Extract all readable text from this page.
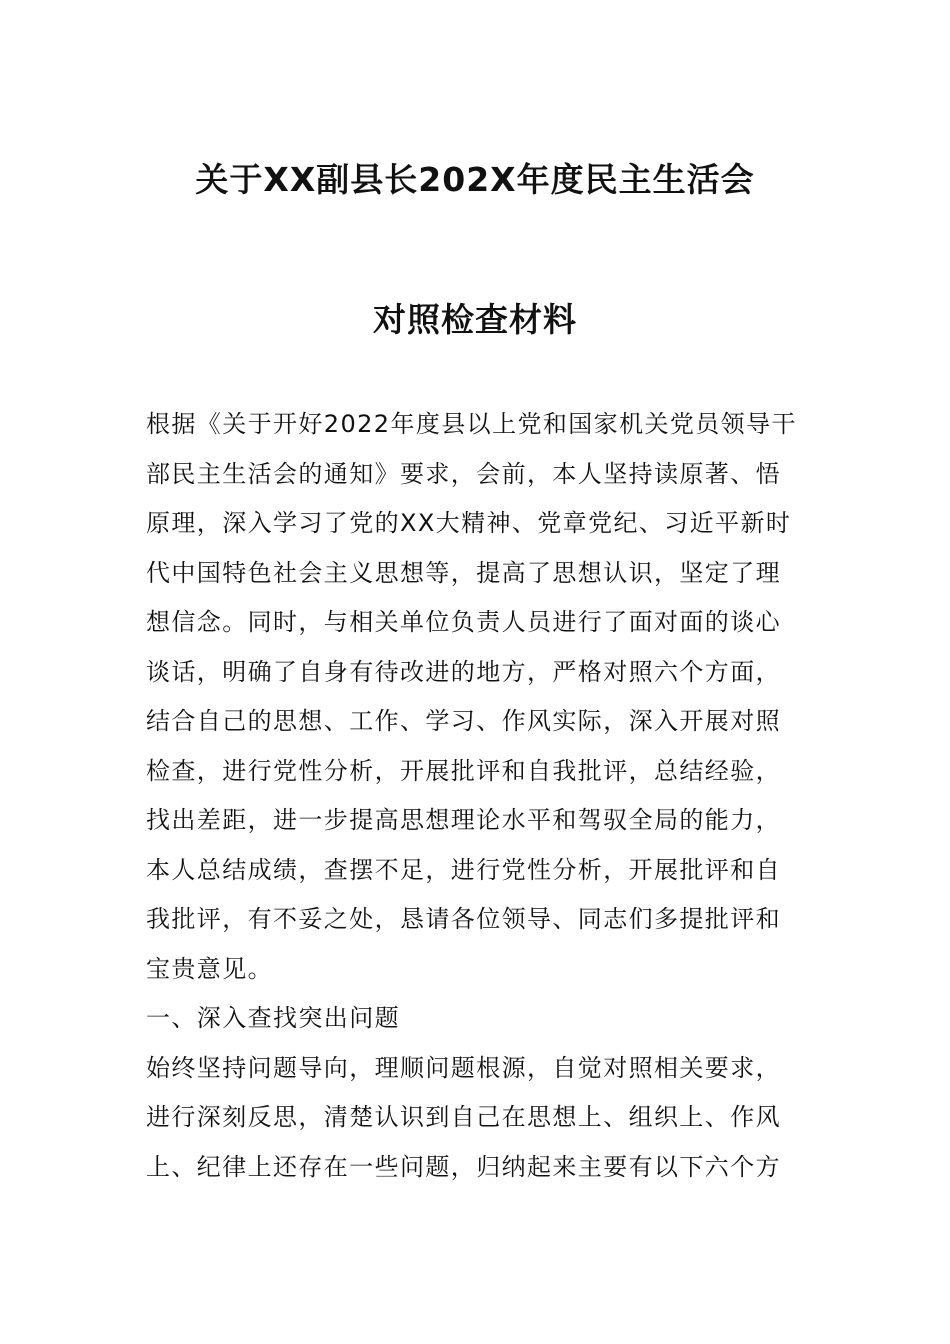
关于XX副县长202X年度民主生活会
对照检查材料
根据《关于开好2022年度县以上党和国家机关党员领导干
部民主生活会的通知》要求，会前，本人坚持读原著、悟
原理，深入学习了党的XX大精神、党章党纪、习近平新时
代中国特色社会主义思想等，提高了思想认识，坚定了理
想信念。同时，与相关单位负责人员进行了面对面的谈心
谈话，明确了自身有待改进的地方，严格对照六个方面，
结合自己的思想、工作、学习、作风实际，深入开展对照
检查，进行党性分析，开展批评和自我批评，总结经验，
找出差距，进一步提高思想理论水平和驾驭全局的能力，
本人总结成绩，查摆不足，进行党性分析，开展批评和自
我批评，有不妥之处，恳请各位领导、同志们多提批评和
宝贵意见。
一、深入查找突出问题
始终坚持问题导向，理顺问题根源，自觉对照相关要求，
进行深刻反思，清楚认识到自己在思想上、组织上、作风
上、纪律上还存在一些问题，归纳起来主要有以下六个方
